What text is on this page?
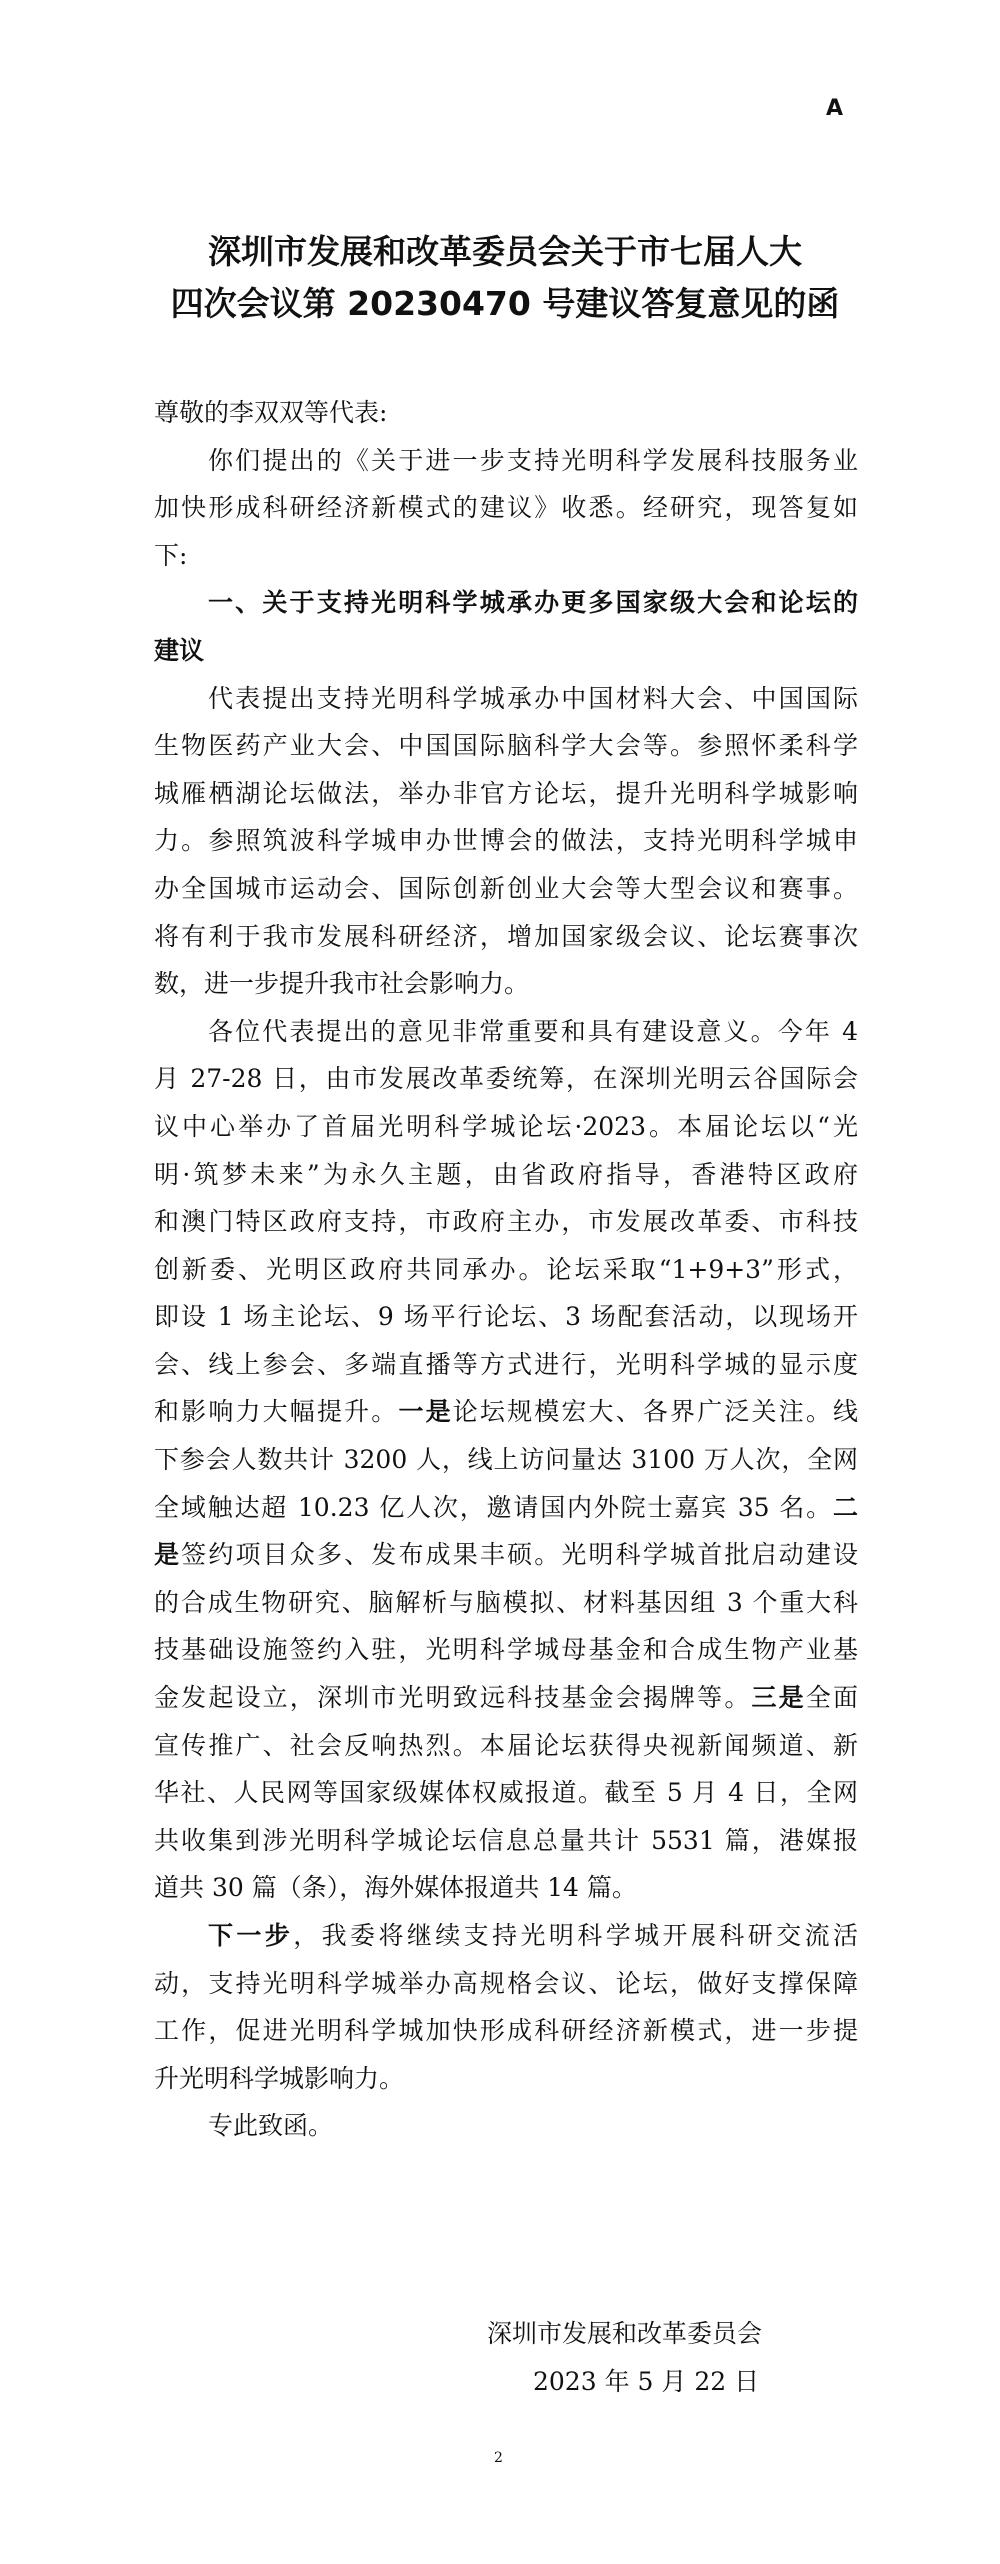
A
深圳市发展和改革委员会关于市七届人大
四次会议第 20230470 号建议答复意见的函
尊敬的李双双等代表:
你们提出的《关于进一步支持光明科学发展科技服务业
加快形成科研经济新模式的建议》收悉。经研究，现答复如
下:
一、关于支持光明科学城承办更多国家级大会和论坛的
建议
代表提出支持光明科学城承办中国材料大会、中国国际
生物医药产业大会、中国国际脑科学大会等。参照怀柔科学
城雁栖湖论坛做法，举办非官方论坛，提升光明科学城影响
力。参照筑波科学城申办世博会的做法，支持光明科学城申
办全国城市运动会、国际创新创业大会等大型会议和赛事。
将有利于我市发展科研经济，增加国家级会议、论坛赛事次
数，进一步提升我市社会影响力。
各位代表提出的意见非常重要和具有建设意义。今年 4
月 27-28 日，由市发展改革委统筹，在深圳光明云谷国际会
议中心举办了首届光明科学城论坛·2023。本届论坛以“光
明·筑梦未来”为永久主题，由省政府指导，香港特区政府
和澳门特区政府支持，市政府主办，市发展改革委、市科技
创新委、光明区政府共同承办。论坛采取“1+9+3”形式，
即设 1 场主论坛、9 场平行论坛、3 场配套活动，以现场开
会、线上参会、多端直播等方式进行，光明科学城的显示度
和影响力大幅提升。一是论坛规模宏大、各界广泛关注。线
下参会人数共计 3200 人，线上访问量达 3100 万人次，全网
全域触达超 10.23 亿人次，邀请国内外院士嘉宾 35 名。二
是签约项目众多、发布成果丰硕。光明科学城首批启动建设
的合成生物研究、脑解析与脑模拟、材料基因组 3 个重大科
技基础设施签约入驻，光明科学城母基金和合成生物产业基
金发起设立，深圳市光明致远科技基金会揭牌等。三是全面
宣传推广、社会反响热烈。本届论坛获得央视新闻频道、新
华社、人民网等国家级媒体权威报道。截至 5 月 4 日，全网
共收集到涉光明科学城论坛信息总量共计 5531 篇，港媒报
道共 30 篇（条），海外媒体报道共 14 篇。
下一步，我委将继续支持光明科学城开展科研交流活
动，支持光明科学城举办高规格会议、论坛，做好支撑保障
工作，促进光明科学城加快形成科研经济新模式，进一步提
升光明科学城影响力。
专此致函。
深圳市发展和改革委员会
2023 年 5 月 22 日
2
